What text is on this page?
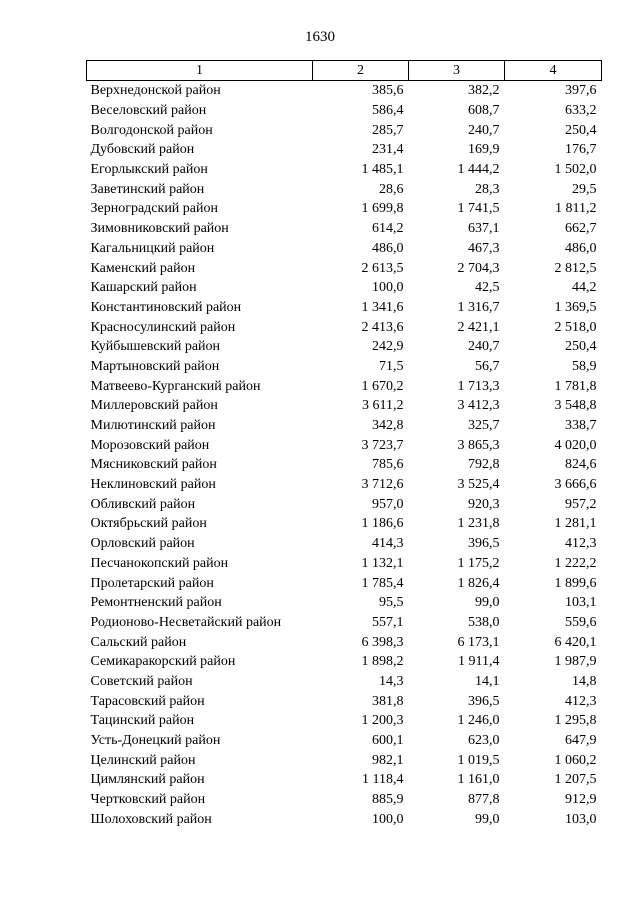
1630
1	2	3	4
Верхнедонской район	385,6	382,2	397,6
Веселовский район	586,4	608,7	633,2
Волгодонской район	285,7	240,7	250,4
Дубовский район	231,4	169,9	176,7
Егорлыкский район	1 485,1	1 444,2	1 502,0
Заветинский район	28,6	28,3	29,5
Зерноградский район	1 699,8	1 741,5	1 811,2
Зимовниковский район	614,2	637,1	662,7
Кагальницкий район	486,0	467,3	486,0
Каменский район	2 613,5	2 704,3	2 812,5
Кашарский район	100,0	42,5	44,2
Константиновский район	1 341,6	1 316,7	1 369,5
Красносулинский район	2 413,6	2 421,1	2 518,0
Куйбышевский район	242,9	240,7	250,4
Мартыновский район	71,5	56,7	58,9
Матвеево-Курганский район	1 670,2	1 713,3	1 781,8
Миллеровский район	3 611,2	3 412,3	3 548,8
Милютинский район	342,8	325,7	338,7
Морозовский район	3 723,7	3 865,3	4 020,0
Мясниковский район	785,6	792,8	824,6
Неклиновский район	3 712,6	3 525,4	3 666,6
Обливский район	957,0	920,3	957,2
Октябрьский район	1 186,6	1 231,8	1 281,1
Орловский район	414,3	396,5	412,3
Песчанокопский район	1 132,1	1 175,2	1 222,2
Пролетарский район	1 785,4	1 826,4	1 899,6
Ремонтненский район	95,5	99,0	103,1
Родионово-Несветайский район	557,1	538,0	559,6
Сальский район	6 398,3	6 173,1	6 420,1
Семикаракорский район	1 898,2	1 911,4	1 987,9
Советский район	14,3	14,1	14,8
Тарасовский район	381,8	396,5	412,3
Тацинский район	1 200,3	1 246,0	1 295,8
Усть-Донецкий район	600,1	623,0	647,9
Целинский район	982,1	1 019,5	1 060,2
Цимлянский район	1 118,4	1 161,0	1 207,5
Чертковский район	885,9	877,8	912,9
Шолоховский район	100,0	99,0	103,0
